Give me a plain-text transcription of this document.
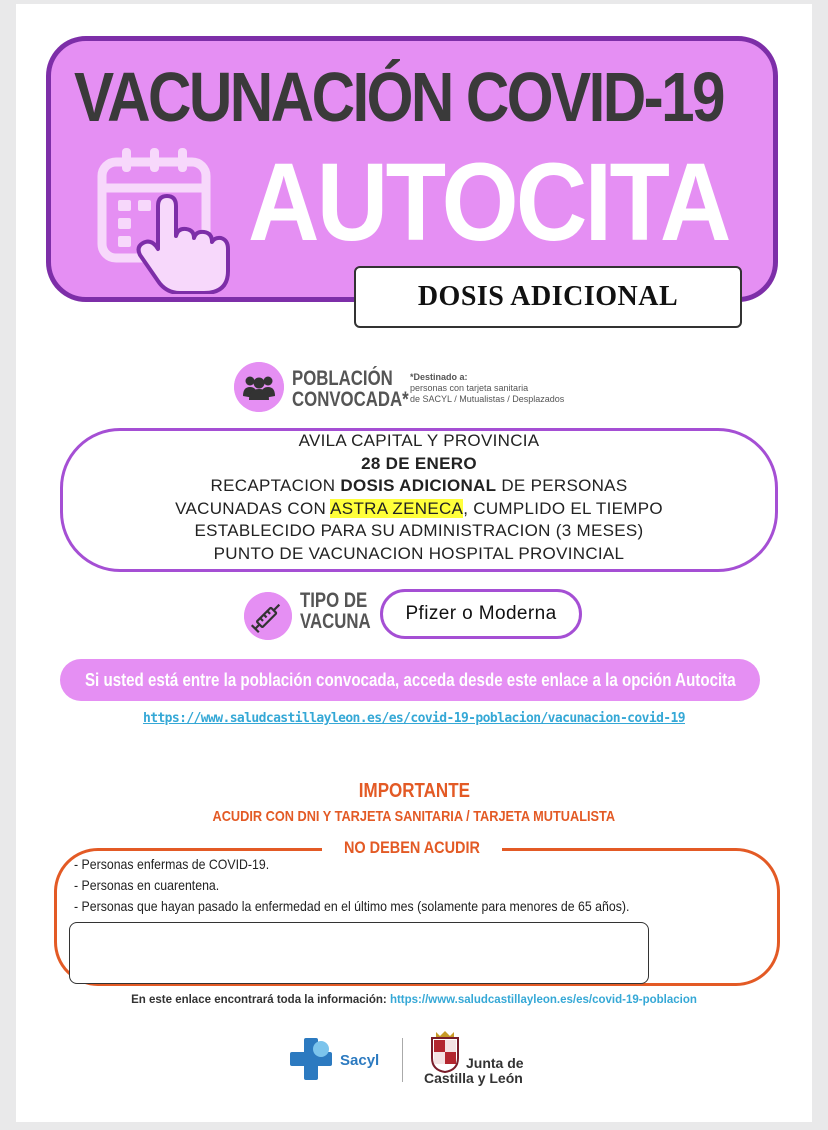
VACUNACIÓN COVID-19
AUTOCITA
DOSIS ADICIONAL
POBLACIÓN
CONVOCADA*
*Destinado a:
personas con tarjeta sanitaria
de SACYL / Mutualistas / Desplazados
AVILA CAPITAL Y PROVINCIA
28 DE ENERO
RECAPTACION DOSIS ADICIONAL DE PERSONAS
VACUNADAS CON ASTRA ZENECA, CUMPLIDO EL TIEMPO
ESTABLECIDO PARA SU ADMINISTRACION (3 MESES)
PUNTO DE VACUNACION HOSPITAL PROVINCIAL
TIPO DE
VACUNA	Pfizer o Moderna
Si usted está entre la población convocada, acceda desde este enlace a la opción Autocita
https://www.saludcastillayleon.es/es/covid-19-poblacion/vacunacion-covid-19
IMPORTANTE
ACUDIR CON DNI Y TARJETA SANITARIA / TARJETA MUTUALISTA
NO DEBEN ACUDIR
- Personas enfermas de COVID-19.
- Personas en cuarentena.
- Personas que hayan pasado la enfermedad en el último mes (solamente para menores de 65 años).
En este enlace encontrará toda la información: https://www.saludcastillayleon.es/es/covid-19-poblacion
Sacyl	Junta de
Castilla y León
